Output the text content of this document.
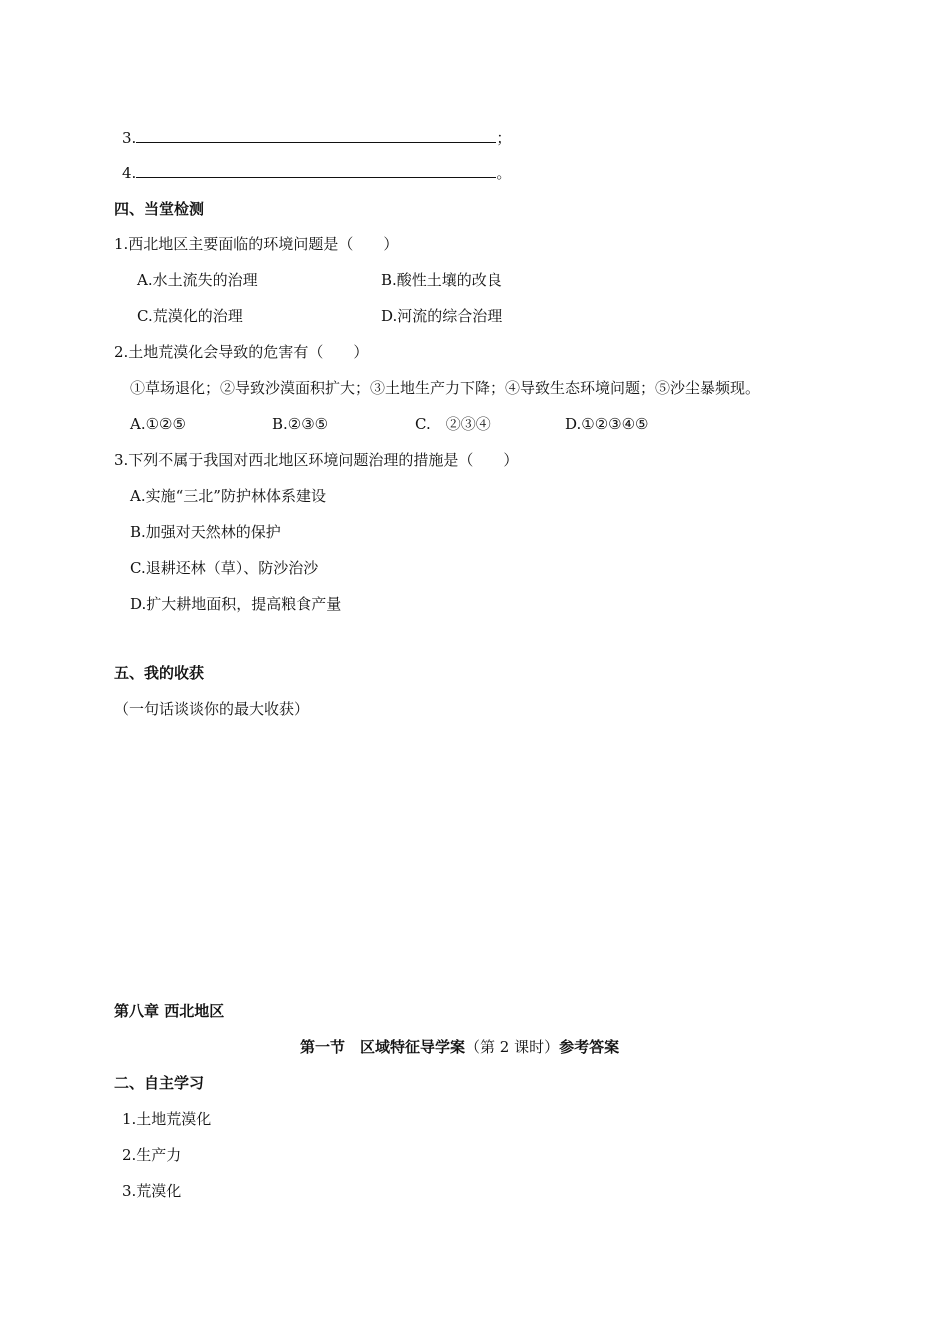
3.	；
4.	。
四、当堂检测
1.西北地区主要面临的环境问题是（　　）
A.水土流失的治理	B.酸性土壤的改良
C.荒漠化的治理	D.河流的综合治理
2.土地荒漠化会导致的危害有（　　）
①草场退化；②导致沙漠面积扩大；③土地生产力下降；④导致生态环境问题；⑤沙尘暴频现。
A.①②⑤	B.②③⑤	C.　②③④	D.①②③④⑤
3.下列不属于我国对西北地区环境问题治理的措施是（　　）
A.实施“三北”防护林体系建设
B.加强对天然林的保护
C.退耕还林（草）、防沙治沙
D.扩大耕地面积，提高粮食产量
五、我的收获
（一句话谈谈你的最大收获）
第八章 西北地区
第一节　区域特征导学案（第 2 课时）参考答案
二、自主学习
1.土地荒漠化
2.生产力
3.荒漠化
